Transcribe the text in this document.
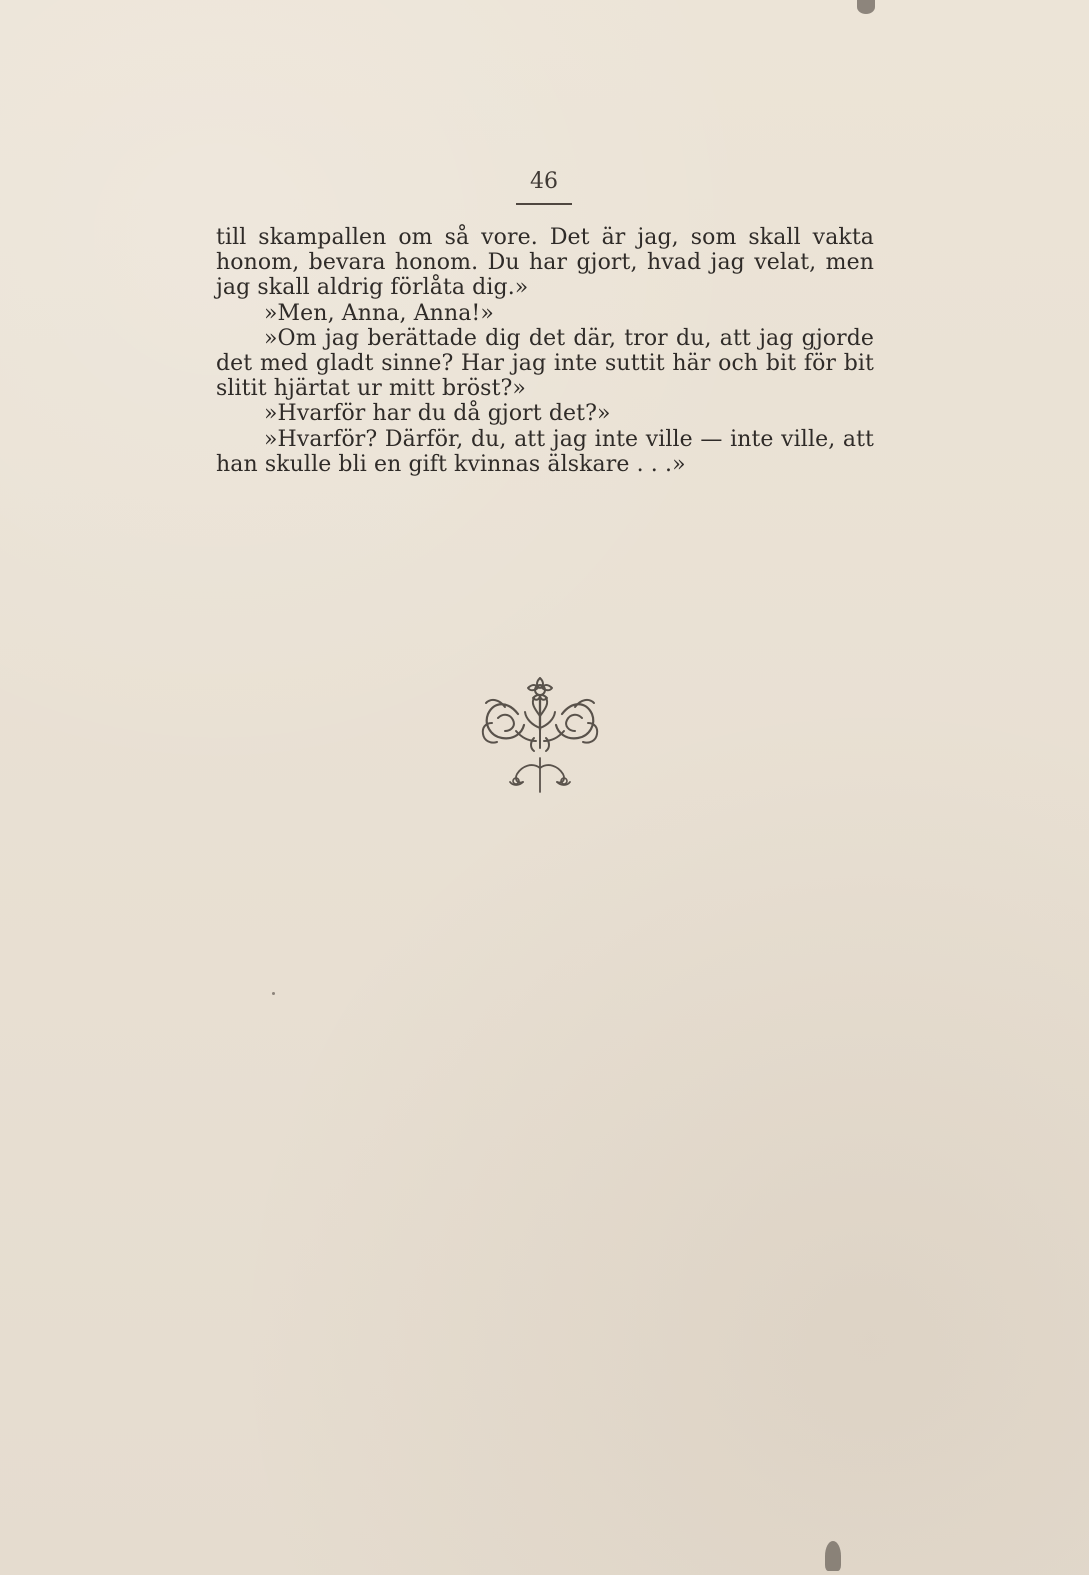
46

till skampallen om så vore. Det är jag, som skall vakta honom, bevara honom. Du har gjort, hvad jag velat, men jag skall aldrig förlåta dig.»

»Men, Anna, Anna!»

»Om jag berättade dig det där, tror du, att jag gjorde det med gladt sinne? Har jag inte suttit här och bit för bit slitit hjärtat ur mitt bröst?»

»Hvarför har du då gjort det?»

»Hvarför? Därför, du, att jag inte ville — inte ville, att han skulle bli en gift kvinnas älskare . . .»
